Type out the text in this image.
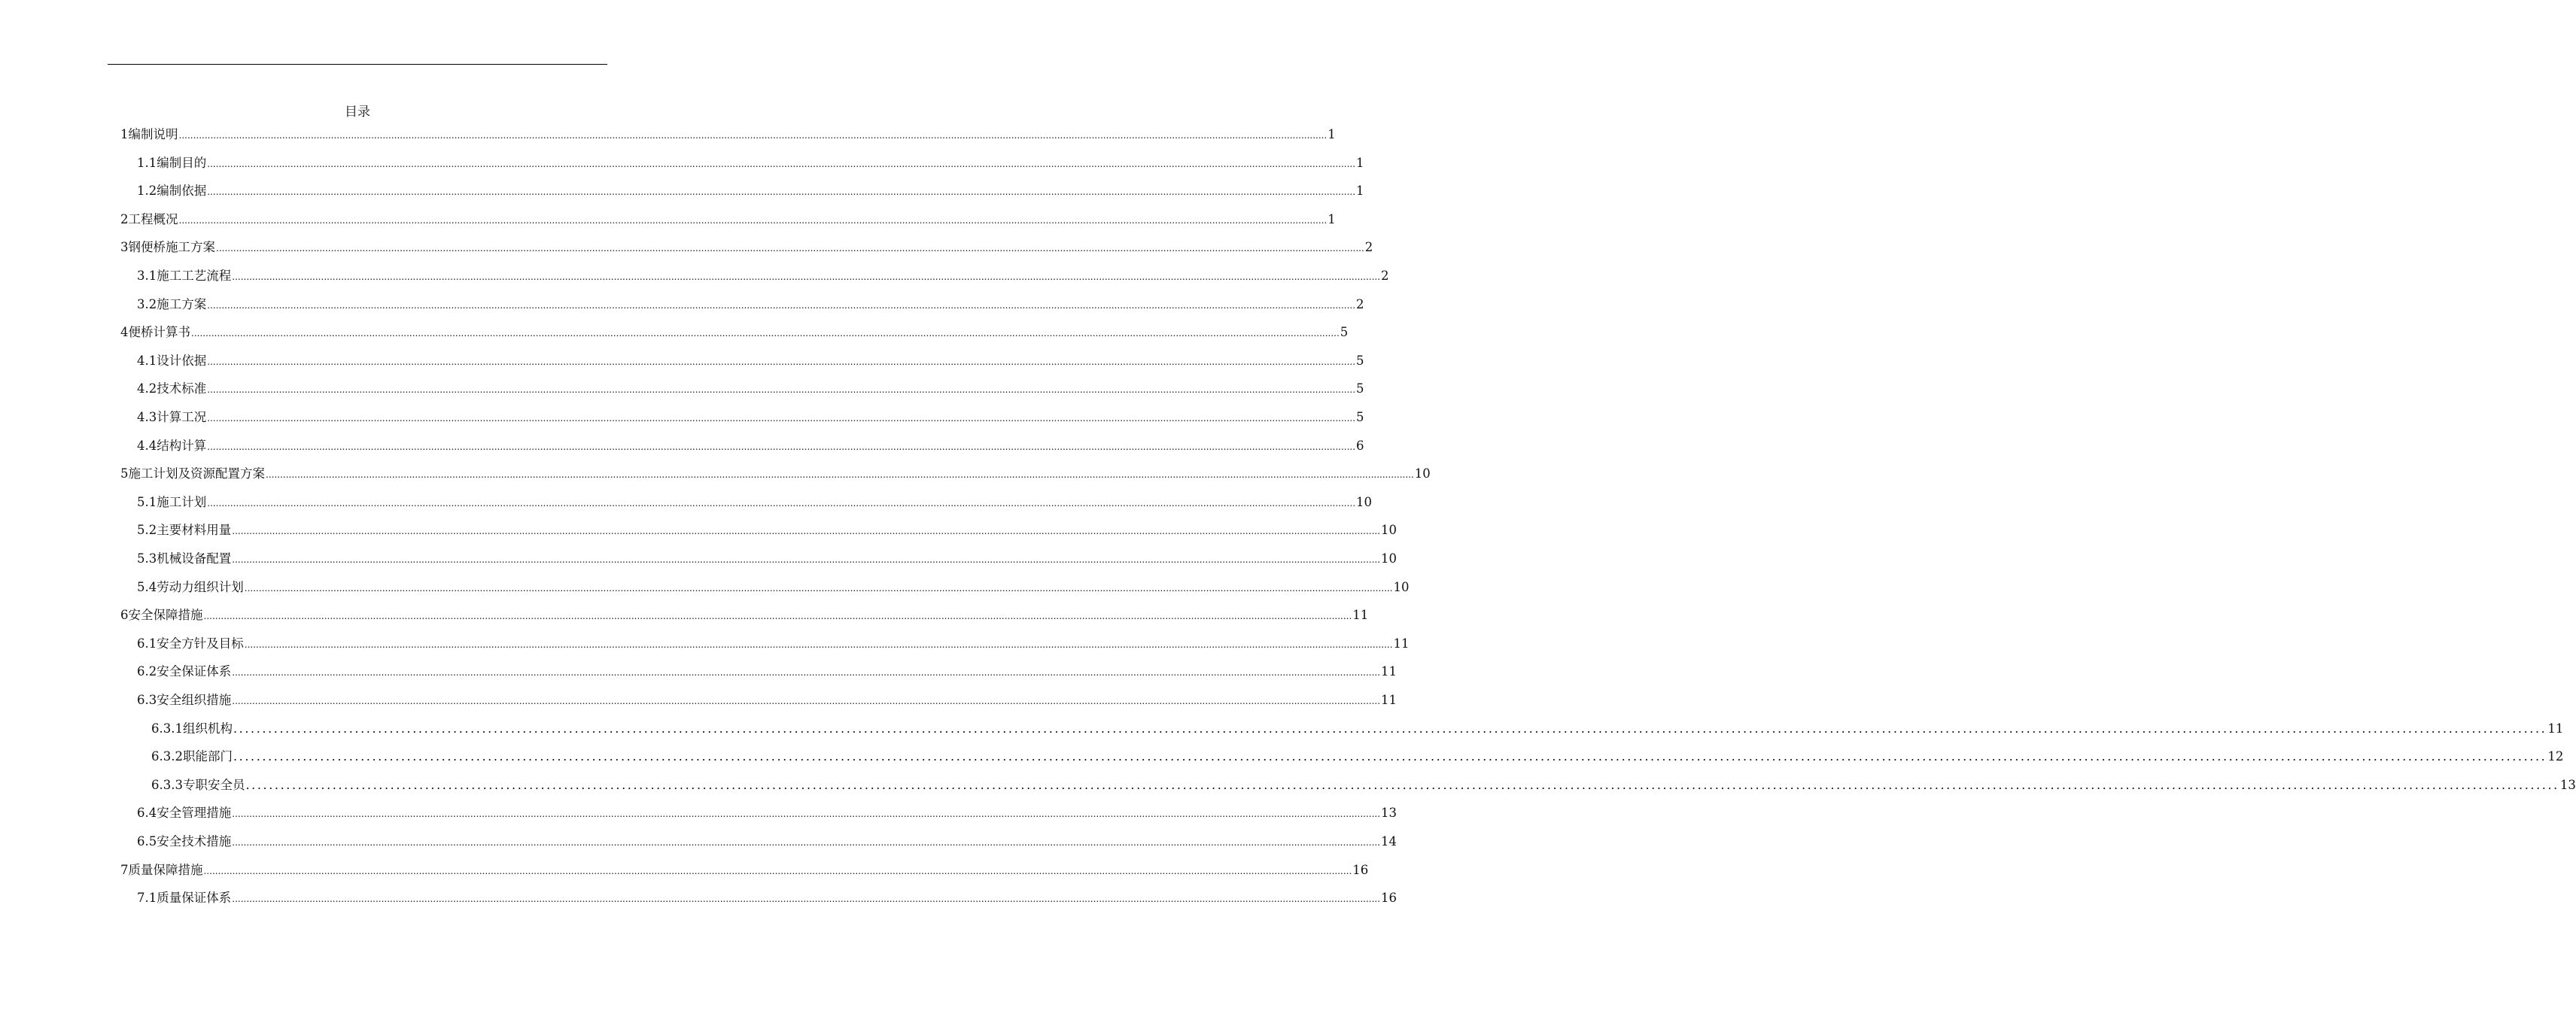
目录
1 编制说明 ................................................................................................................................................................................................................................................................................................................................................................................................................ 1
1.1 编制目的 ................................................................................................................................................................................................................................................................................................................................................................................................................ 1
1.2 编制依据 ................................................................................................................................................................................................................................................................................................................................................................................................................ 1
2 工程概况 ................................................................................................................................................................................................................................................................................................................................................................................................................ 1
3 钢便桥施工方案 ................................................................................................................................................................................................................................................................................................................................................................................................................ 2
3.1 施工工艺流程 ................................................................................................................................................................................................................................................................................................................................................................................................................ 2
3.2 施工方案 ................................................................................................................................................................................................................................................................................................................................................................................................................ 2
4 便桥计算书 ................................................................................................................................................................................................................................................................................................................................................................................................................ 5
4.1 设计依据 ................................................................................................................................................................................................................................................................................................................................................................................................................ 5
4.2 技术标准 ................................................................................................................................................................................................................................................................................................................................................................................................................ 5
4.3 计算工况 ................................................................................................................................................................................................................................................................................................................................................................................................................ 5
4.4 结构计算 ................................................................................................................................................................................................................................................................................................................................................................................................................ 6
5 施工计划及资源配置方案 ................................................................................................................................................................................................................................................................................................................................................................................................................ 10
5.1 施工计划 ................................................................................................................................................................................................................................................................................................................................................................................................................ 10
5.2 主要材料用量 ................................................................................................................................................................................................................................................................................................................................................................................................................ 10
5.3 机械设备配置 ................................................................................................................................................................................................................................................................................................................................................................................................................ 10
5.4 劳动力组织计划 ................................................................................................................................................................................................................................................................................................................................................................................................................ 10
6 安全保障措施 ................................................................................................................................................................................................................................................................................................................................................................................................................ 11
6.1 安全方针及目标 ................................................................................................................................................................................................................................................................................................................................................................................................................ 11
6.2 安全保证体系 ................................................................................................................................................................................................................................................................................................................................................................................................................ 11
6.3 安全组织措施 ................................................................................................................................................................................................................................................................................................................................................................................................................ 11
6.3.1 组织机构 ................................................................................................................................................................................................................................................................................................................................................................................................................ 11
6.3.2 职能部门 ................................................................................................................................................................................................................................................................................................................................................................................................................ 12
6.3.3 专职安全员 ................................................................................................................................................................................................................................................................................................................................................................................................................ 13
6.4 安全管理措施 ................................................................................................................................................................................................................................................................................................................................................................................................................ 13
6.5 安全技术措施 ................................................................................................................................................................................................................................................................................................................................................................................................................ 14
7 质量保障措施 ................................................................................................................................................................................................................................................................................................................................................................................................................ 16
7.1 质量保证体系 ................................................................................................................................................................................................................................................................................................................................................................................................................ 16
